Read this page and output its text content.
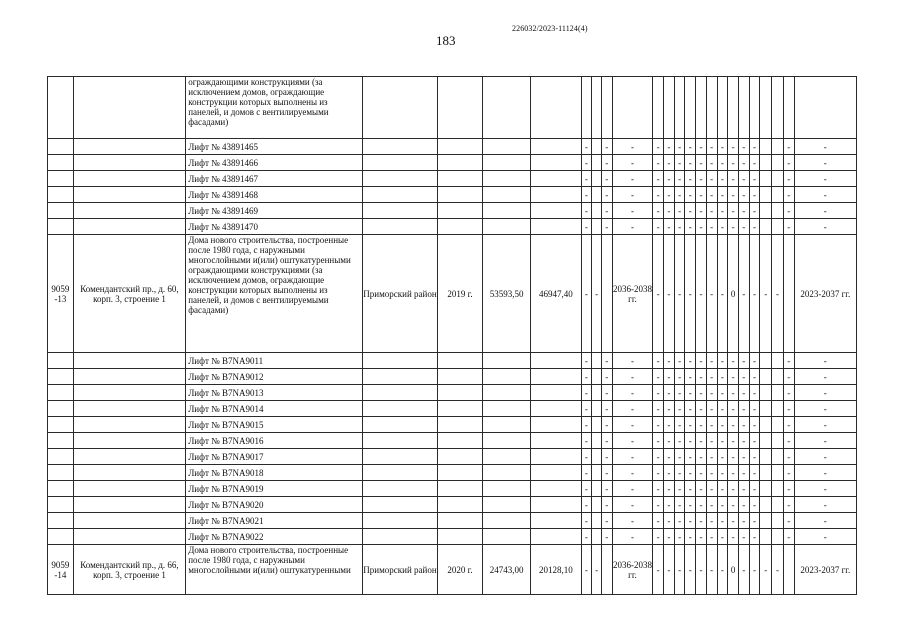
226032/2023-11124(4)
183
		ограждающими конструкциями (за исключением домов, ограждающие конструкции которых выполнены из панелей, и домов с вентилируемыми фасадами)																						
		Лифт № 43891465					-		-	-	-	-	-	-	-	-	-	-	-	-			-	-
		Лифт № 43891466					-		-	-	-	-	-	-	-	-	-	-	-	-			-	-
		Лифт № 43891467					-		-	-	-	-	-	-	-	-	-	-	-	-			-	-
		Лифт № 43891468					-		-	-	-	-	-	-	-	-	-	-	-	-			-	-
		Лифт № 43891469					-		-	-	-	-	-	-	-	-	-	-	-	-			-	-
		Лифт № 43891470					-		-	-	-	-	-	-	-	-	-	-	-	-			-	-
9059 -13	Комендантский пр., д. 60, корп. 3, строение 1	Дома нового строительства, построенные после 1980 года, с наружными многослойными и(или) оштукатуренными ограждающими конструкциями (за исключением домов, ограждающие конструкции которых выполнены из панелей, и домов с вентилируемыми фасадами)	Приморский район	2019 г.	53593,50	46947,40	-	-		2036-2038 гг.	-	-	-	-	-	-	-	0	-	-	-	-		2023-2037 гг.
		Лифт № B7NA9011					-		-	-	-	-	-	-	-	-	-	-	-	-			-	-
		Лифт № B7NA9012					-		-	-	-	-	-	-	-	-	-	-	-	-			-	-
		Лифт № B7NA9013					-		-	-	-	-	-	-	-	-	-	-	-	-			-	-
		Лифт № B7NA9014					-		-	-	-	-	-	-	-	-	-	-	-	-			-	-
		Лифт № B7NA9015					-		-	-	-	-	-	-	-	-	-	-	-	-			-	-
		Лифт № B7NA9016					-		-	-	-	-	-	-	-	-	-	-	-	-			-	-
		Лифт № B7NA9017					-		-	-	-	-	-	-	-	-	-	-	-	-			-	-
		Лифт № B7NA9018					-		-	-	-	-	-	-	-	-	-	-	-	-			-	-
		Лифт № B7NA9019					-		-	-	-	-	-	-	-	-	-	-	-	-			-	-
		Лифт № B7NA9020					-		-	-	-	-	-	-	-	-	-	-	-	-			-	-
		Лифт № B7NA9021					-		-	-	-	-	-	-	-	-	-	-	-	-			-	-
		Лифт № B7NA9022					-		-	-	-	-	-	-	-	-	-	-	-	-			-	-
9059 -14	Комендантский пр., д. 66, корп. 3, строение 1	Дома нового строительства, построенные после 1980 года, с наружными многослойными и(или) оштукатуренными	Приморский район	2020 г.	24743,00	20128,10	-	-		2036-2038 гг.	-	-	-	-	-	-	-	0	-	-	-	-		2023-2037 гг.
